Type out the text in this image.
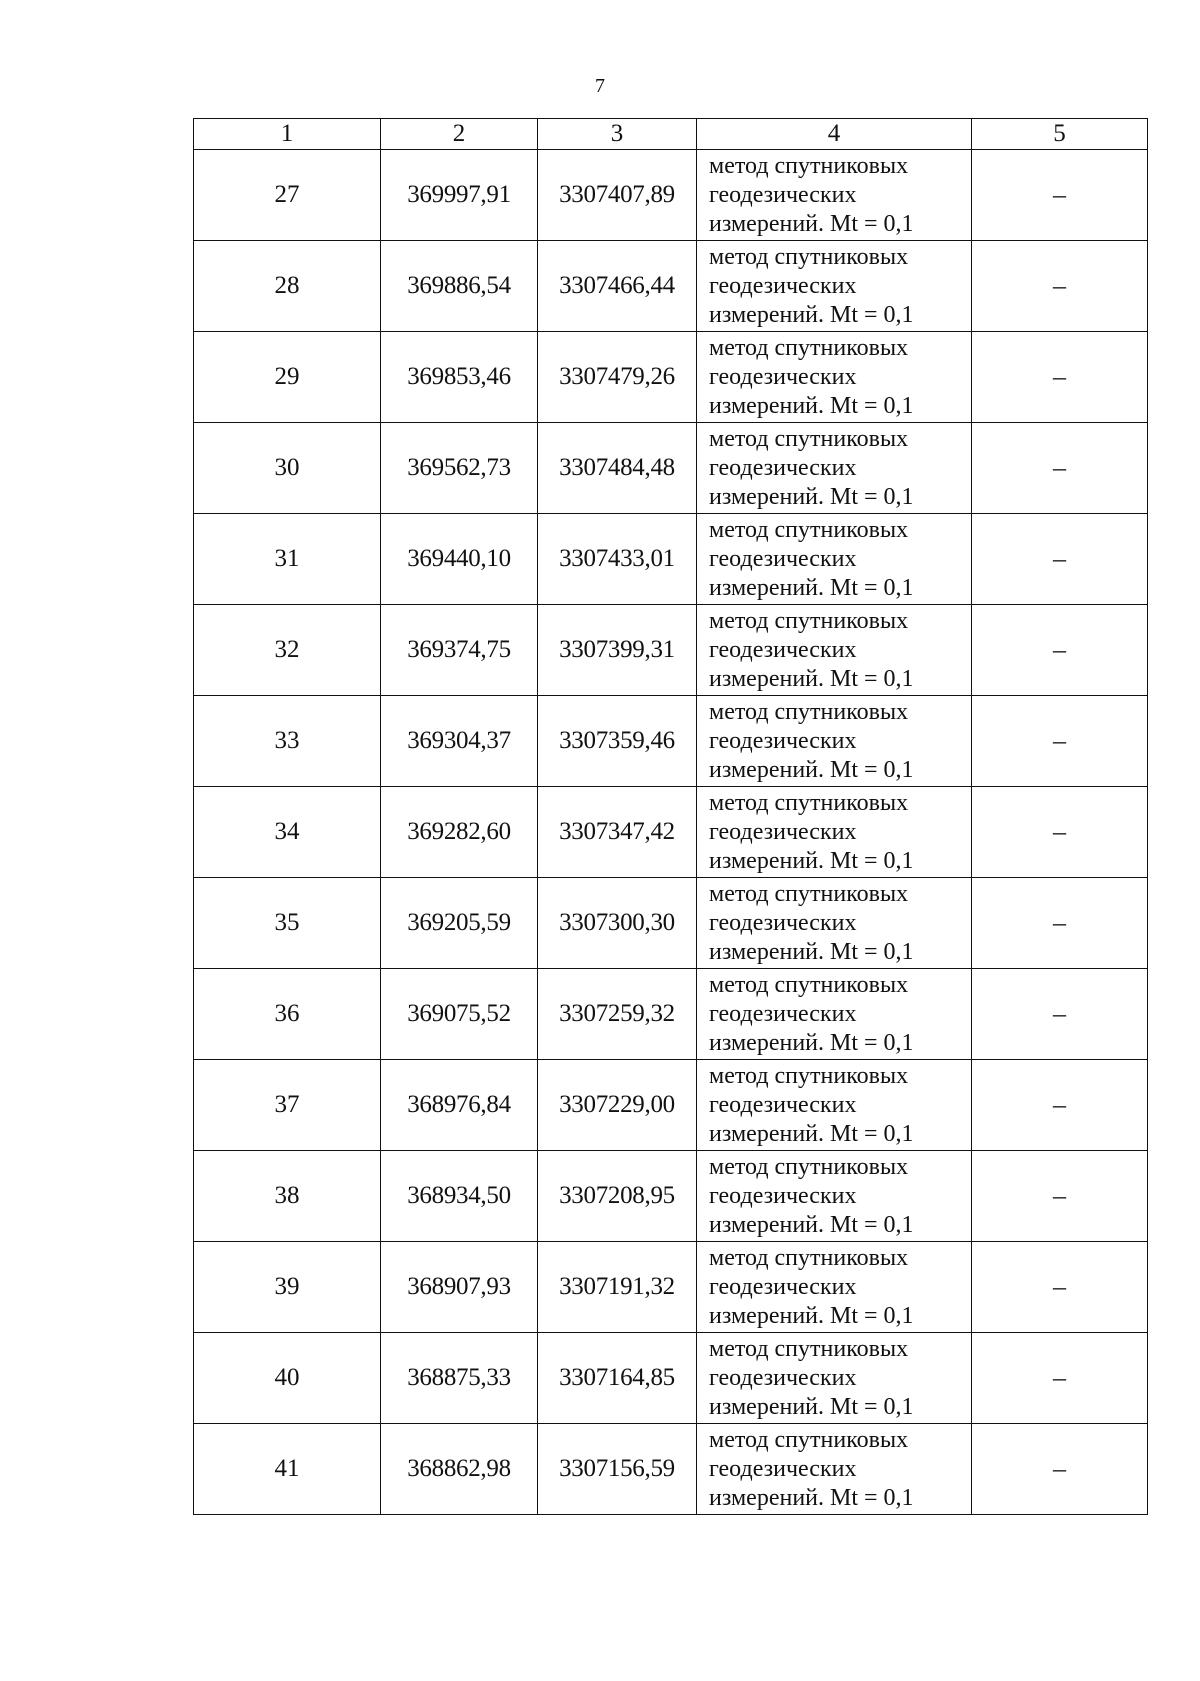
7
1	2	3	4	5
27	369997,91	3307407,89	метод спутниковых
геодезических
измерений. Mt = 0,1	–
28	369886,54	3307466,44	метод спутниковых
геодезических
измерений. Mt = 0,1	–
29	369853,46	3307479,26	метод спутниковых
геодезических
измерений. Mt = 0,1	–
30	369562,73	3307484,48	метод спутниковых
геодезических
измерений. Mt = 0,1	–
31	369440,10	3307433,01	метод спутниковых
геодезических
измерений. Mt = 0,1	–
32	369374,75	3307399,31	метод спутниковых
геодезических
измерений. Mt = 0,1	–
33	369304,37	3307359,46	метод спутниковых
геодезических
измерений. Mt = 0,1	–
34	369282,60	3307347,42	метод спутниковых
геодезических
измерений. Mt = 0,1	–
35	369205,59	3307300,30	метод спутниковых
геодезических
измерений. Mt = 0,1	–
36	369075,52	3307259,32	метод спутниковых
геодезических
измерений. Mt = 0,1	–
37	368976,84	3307229,00	метод спутниковых
геодезических
измерений. Mt = 0,1	–
38	368934,50	3307208,95	метод спутниковых
геодезических
измерений. Mt = 0,1	–
39	368907,93	3307191,32	метод спутниковых
геодезических
измерений. Mt = 0,1	–
40	368875,33	3307164,85	метод спутниковых
геодезических
измерений. Mt = 0,1	–
41	368862,98	3307156,59	метод спутниковых
геодезических
измерений. Mt = 0,1	–
